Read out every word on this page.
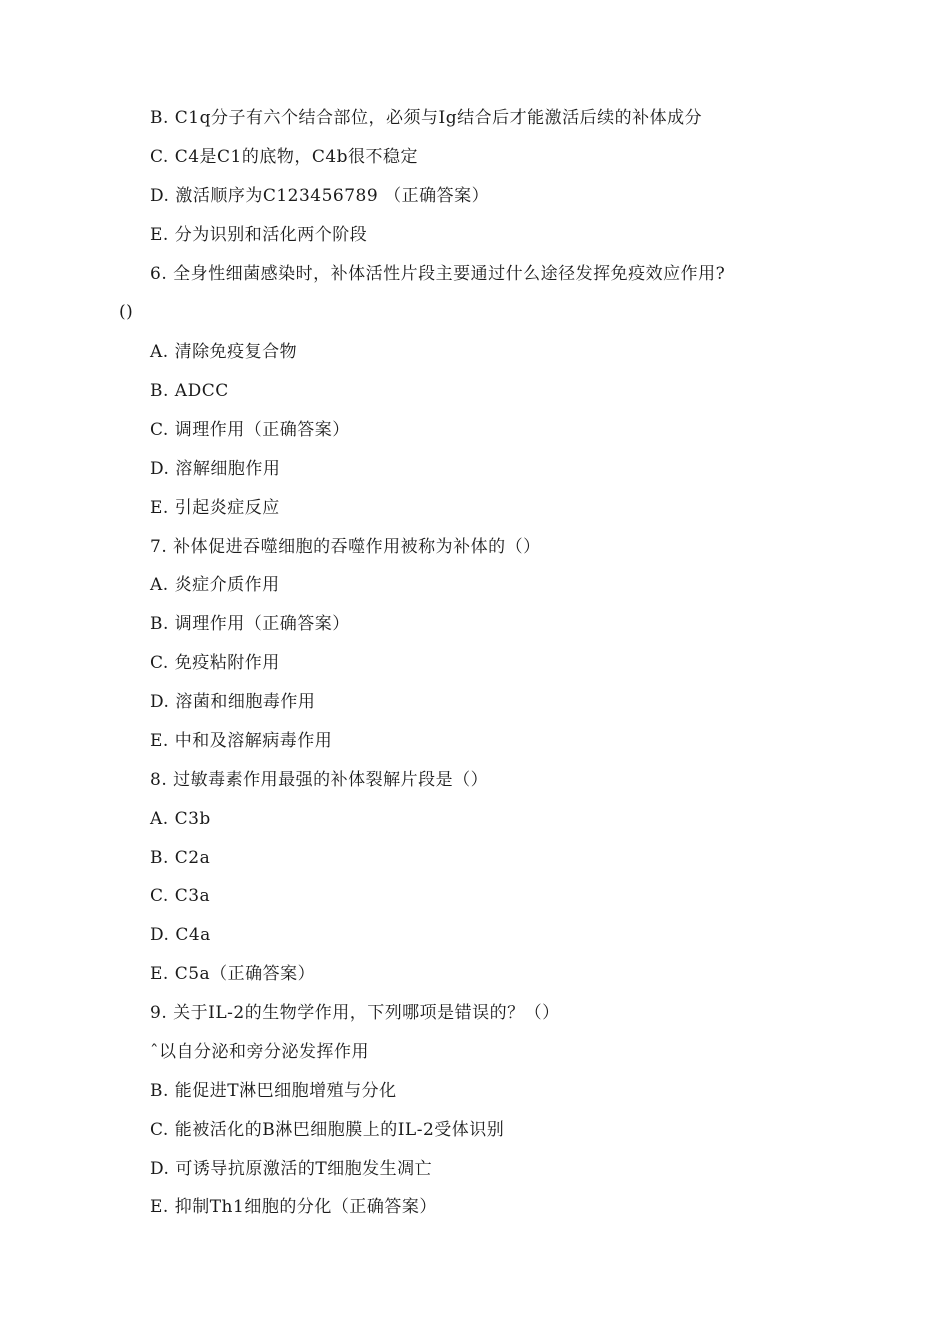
B. C1q分子有六个结合部位，必须与Ig结合后才能激活后续的补体成分
C. C4是C1的底物，C4b很不稳定
D. 激活顺序为C123456789 （正确答案）
E. 分为识别和活化两个阶段
6. 全身性细菌感染时，补体活性片段主要通过什么途径发挥免疫效应作用?
()
A. 清除免疫复合物
B. ADCC
C. 调理作用（正确答案）
D. 溶解细胞作用
E. 引起炎症反应
7. 补体促进吞噬细胞的吞噬作用被称为补体的（）
A. 炎症介质作用
B. 调理作用（正确答案）
C. 免疫粘附作用
D. 溶菌和细胞毒作用
E. 中和及溶解病毒作用
8. 过敏毒素作用最强的补体裂解片段是（）
A. C3b
B. C2a
C. C3a
D. C4a
E. C5a（正确答案）
9. 关于IL-2的生物学作用，下列哪项是错误的？（）
ˆ以自分泌和旁分泌发挥作用
B. 能促进T淋巴细胞增殖与分化
C. 能被活化的B淋巴细胞膜上的IL-2受体识别
D. 可诱导抗原激活的T细胞发生凋亡
E. 抑制Th1细胞的分化（正确答案）
